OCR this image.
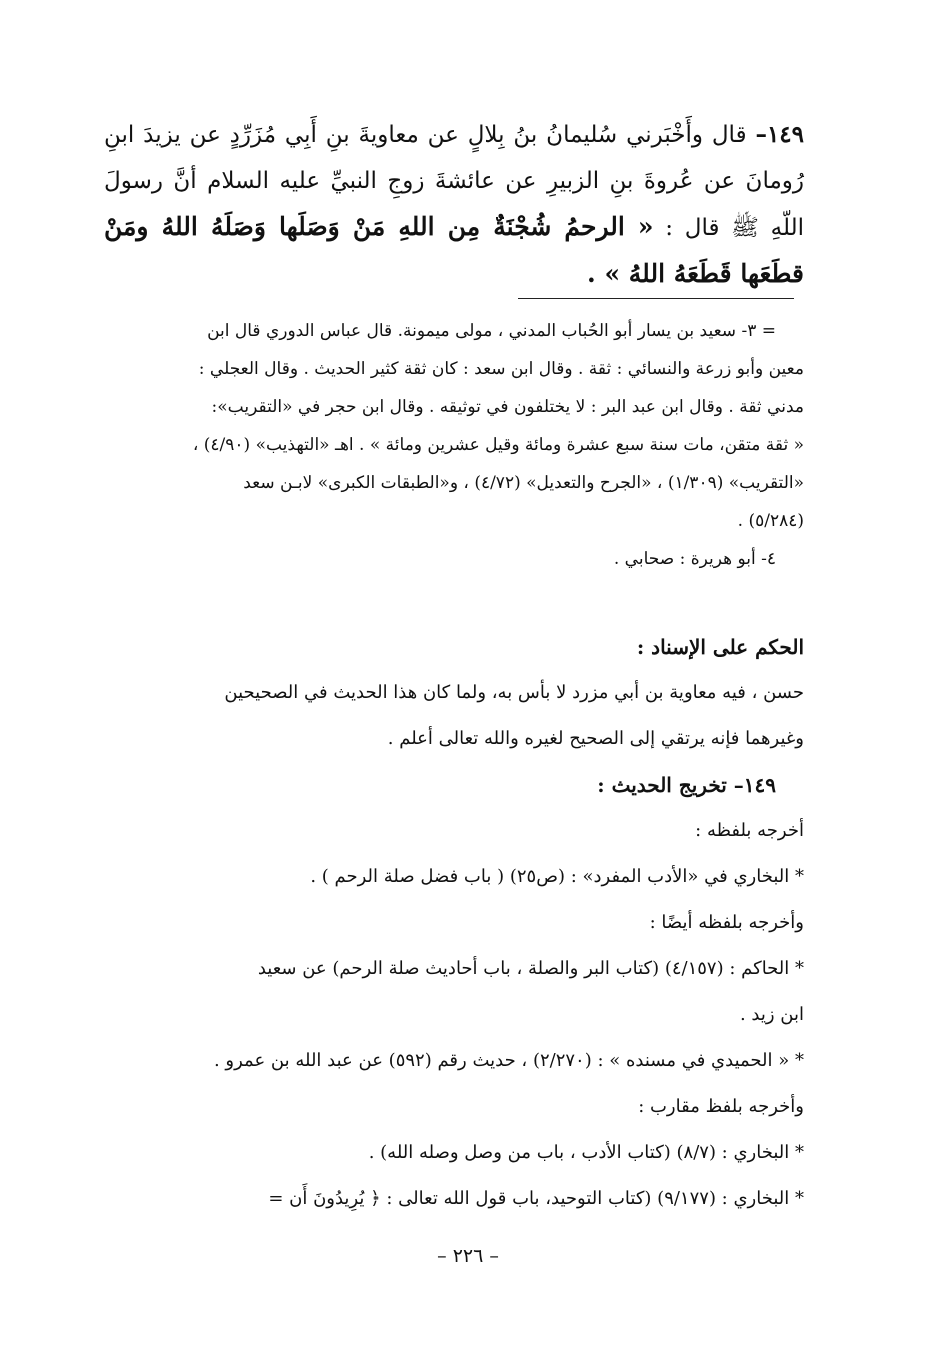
١٤٩– قال وأَخْبَرني سُليمانُ بنُ بِلالٍ عن معاويةَ بنِ أَبِي مُزَرِّدٍ عن يزيدَ ابنِ رُومانَ عن عُروةَ بنِ الزبيرِ عن عائشةَ زوجِ النبيِّ عليه السلام أنَّ رسولَ اللّهِ ﷺ قال : « الرحمُ شُجْنَةٌ مِن اللهِ مَنْ وَصَلَها وَصَلَهُ اللهُ ومَنْ قطَعَها قَطَعَهُ اللهُ » .
= ٣- سعيد بن يسار أبو الحُباب المدني ، مولى ميمونة. قال عباس الدوري قال ابن
معين وأبو زرعة والنسائي : ثقة . وقال ابن سعد : كان ثقة كثير الحديث . وقال العجلي :
مدني ثقة . وقال ابن عبد البر : لا يختلفون في توثيقه . وقال ابن حجر في «التقريب»:
« ثقة متقن، مات سنة سبع عشرة ومائة وقيل عشرين ومائة » . اهـ «التهذيب» (٤/٩٠) ،
«التقريب» (١/٣٠٩) ، «الجرح والتعديل» (٤/٧٢) ، و«الطبقات الكبرى» لابـن سعد
(٥/٢٨٤) .
٤- أبو هريرة : صحابي .
الحكم على الإسناد :
حسن ، فيه معاوية بن أبي مزرد لا بأس به، ولما كان هذا الحديث في الصحيحين
وغيرهما فإنه يرتقي إلى الصحيح لغيره والله تعالى أعلم .
١٤٩– تخريج الحديث :
أخرجه بلفظه :
* البخاري في «الأدب المفرد» : (ص٢٥) ( باب فضل صلة الرحم ) .
وأخرجه بلفظه أيضًا :
* الحاكم : (٤/١٥٧) (كتاب البر والصلة ، باب أحاديث صلة الرحم) عن سعيد
ابن زيد .
* « الحميدي في مسنده » : (٢/٢٧٠) ، حديث رقم (٥٩٢) عن عبد الله بن عمرو .
وأخرجه بلفظ مقارب :
* البخاري : (٨/٧) (كتاب الأدب ، باب من وصل وصله الله) .
* البخاري : (٩/١٧٧) (كتاب التوحيد، باب قول الله تعالى : ﴿ يُرِيدُونَ أَن =
– ٢٢٦ –
